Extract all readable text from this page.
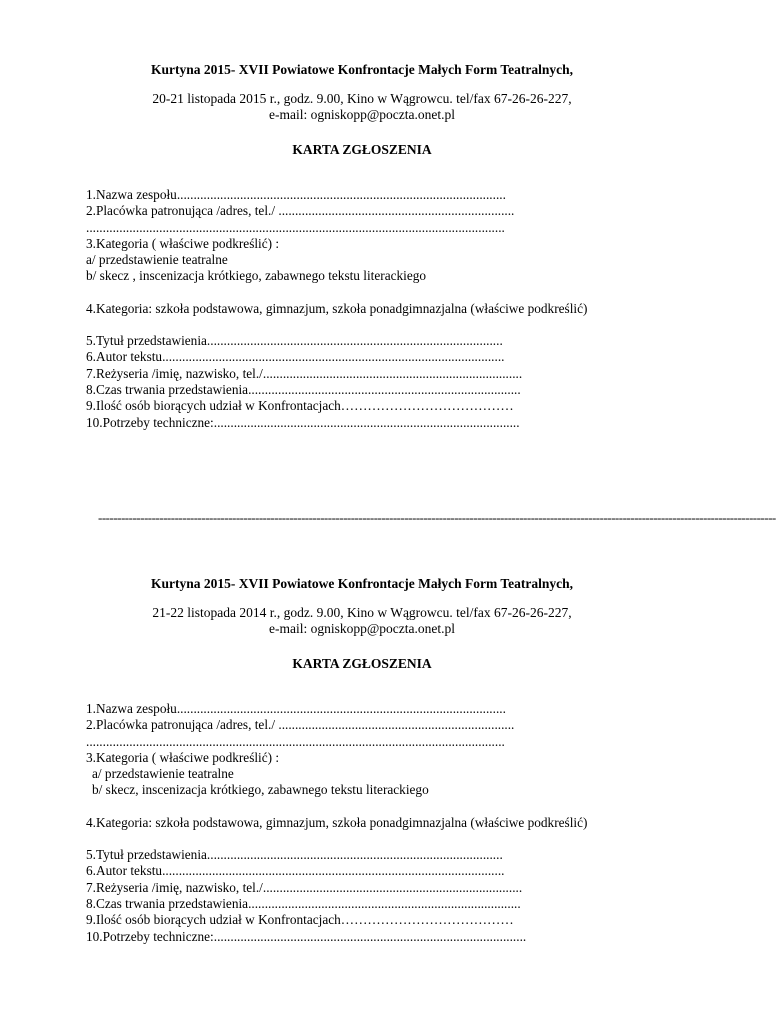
Kurtyna 2015- XVII Powiatowe Konfrontacje Małych Form Teatralnych,

20-21 listopada 2015 r., godz. 9.00, Kino w Wągrowcu. tel/fax 67-26-26-227,
e-mail: ogniskopp@poczta.onet.pl

KARTA ZGŁOSZENIA

1.Nazwa zespołu...................................................................................................
2.Placówka patronująca /adres, tel./ .......................................................................
..............................................................................................................................
3.Kategoria ( właściwe podkreślić) :
a/ przedstawienie teatralne
b/ skecz , inscenizacja krótkiego, zabawnego tekstu literackiego
4.Kategoria: szkoła podstawowa, gimnazjum, szkoła ponadgimnazjalna (właściwe podkreślić)
5.Tytuł przedstawienia.........................................................................................
6.Autor tekstu.......................................................................................................
7.Reżyseria /imię, nazwisko, tel./..............................................................................
8.Czas trwania przedstawienia..................................................................................
9.Ilość osób biorących udział w Konfrontacjach…………………………………
10.Potrzeby techniczne:............................................................................................
---------------------------------------------------------------------------------------------------------------------------------------------------------------------------------

Kurtyna 2015- XVII Powiatowe Konfrontacje Małych Form Teatralnych,

21-22 listopada 2014 r., godz. 9.00, Kino w Wągrowcu. tel/fax 67-26-26-227,
e-mail: ogniskopp@poczta.onet.pl

KARTA ZGŁOSZENIA

1.Nazwa zespołu...................................................................................................
2.Placówka patronująca /adres, tel./ .......................................................................
..............................................................................................................................
3.Kategoria ( właściwe podkreślić) :
a/ przedstawienie teatralne
b/ skecz, inscenizacja krótkiego, zabawnego tekstu literackiego
4.Kategoria: szkoła podstawowa, gimnazjum, szkoła ponadgimnazjalna (właściwe podkreślić)
5.Tytuł przedstawienia.........................................................................................
6.Autor tekstu.......................................................................................................
7.Reżyseria /imię, nazwisko, tel./..............................................................................
8.Czas trwania przedstawienia..................................................................................
9.Ilość osób biorących udział w Konfrontacjach…………………………………
10.Potrzeby techniczne:..............................................................................................
